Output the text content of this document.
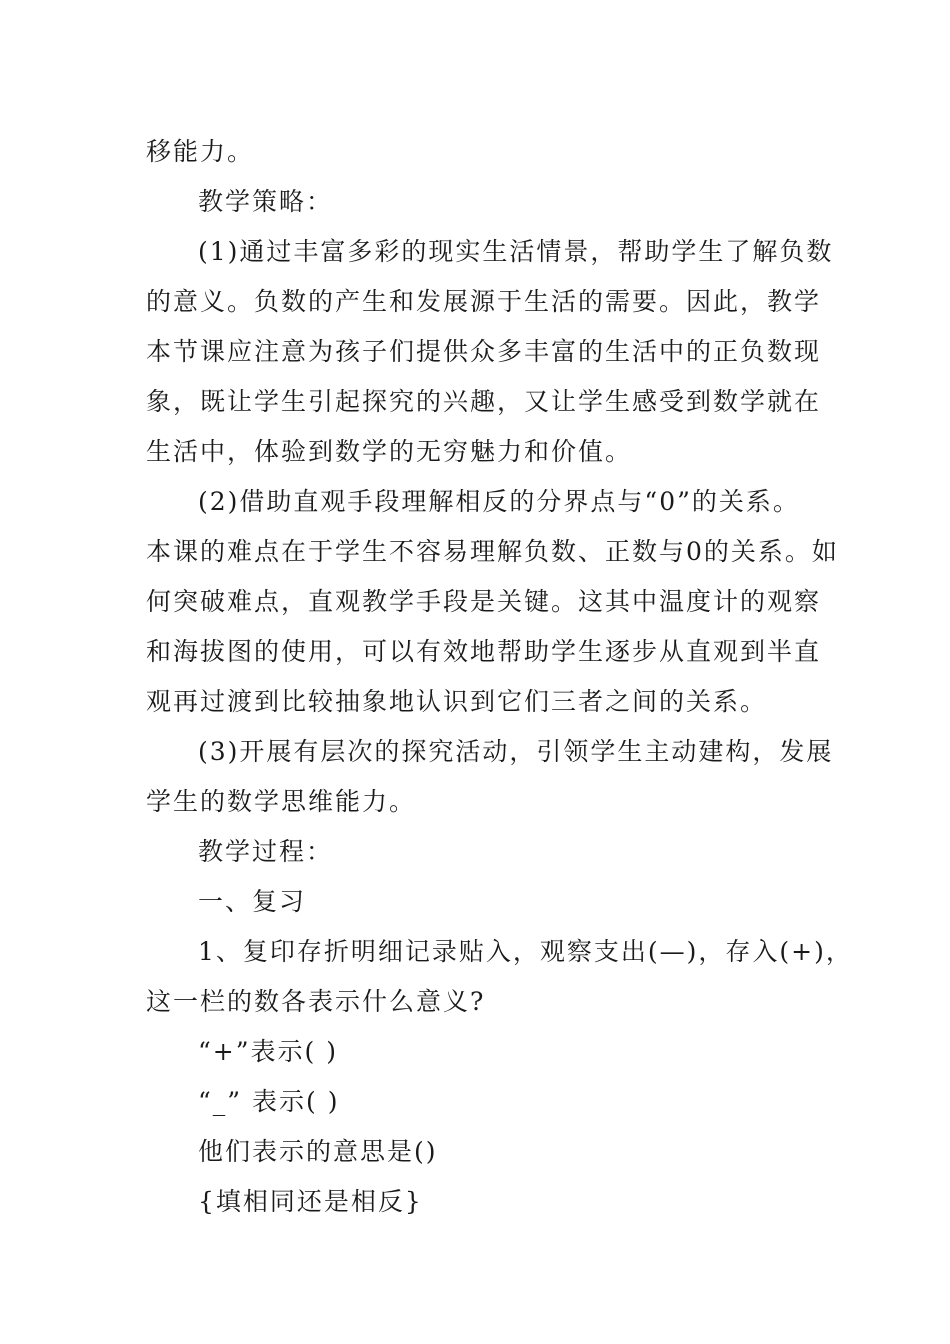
移能力。
教学策略：
(1)通过丰富多彩的现实生活情景，帮助学生了解负数
的意义。负数的产生和发展源于生活的需要。因此，教学
本节课应注意为孩子们提供众多丰富的生活中的正负数现
象，既让学生引起探究的兴趣，又让学生感受到数学就在
生活中，体验到数学的无穷魅力和价值。
(2)借助直观手段理解相反的分界点与“0”的关系。
本课的难点在于学生不容易理解负数、正数与0的关系。如
何突破难点，直观教学手段是关键。这其中温度计的观察
和海拔图的使用，可以有效地帮助学生逐步从直观到半直
观再过渡到比较抽象地认识到它们三者之间的关系。
(3)开展有层次的探究活动，引领学生主动建构，发展
学生的数学思维能力。
教学过程：
一、复习
1、复印存折明细记录贴入，观察支出(—)，存入(+)，
这一栏的数各表示什么意义?
“+”表示( )
“_” 表示( )
他们表示的意思是()
{填相同还是相反}
